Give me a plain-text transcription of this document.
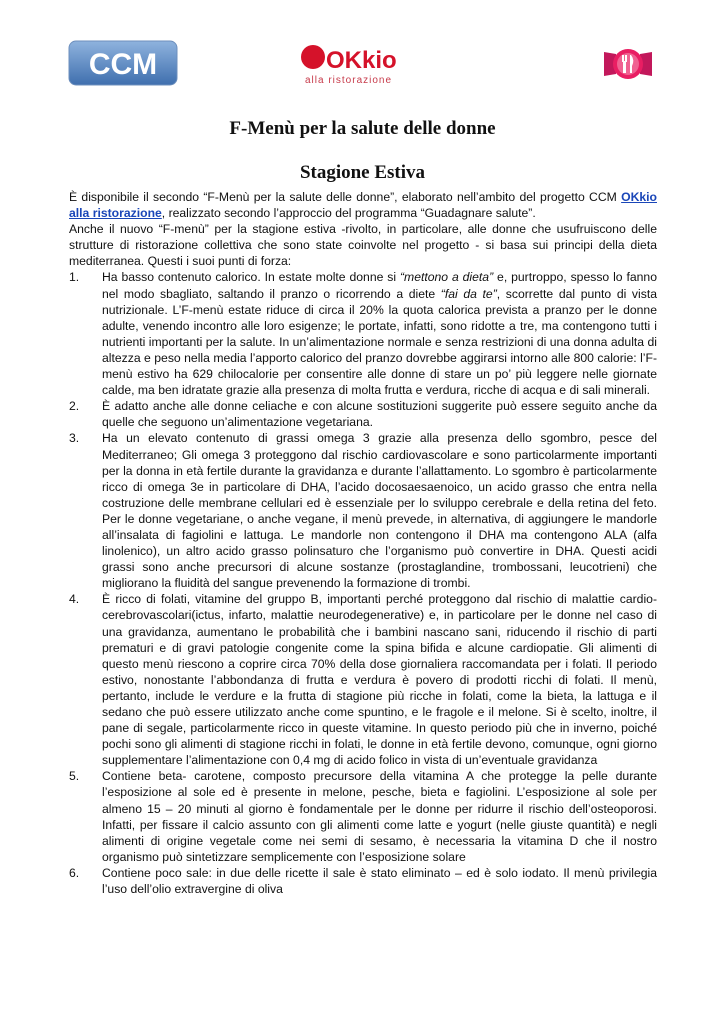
CCM	OKkio
alla ristorazione
F-Menù per la salute delle donne
Stagione Estiva

È disponibile il secondo “F-Menù per la salute delle donne”, elaborato nell’ambito del progetto CCM OKkio alla ristorazione, realizzato secondo l’approccio del programma “Guadagnare salute”.

Anche il nuovo “F-menù” per la stagione estiva -rivolto, in particolare, alle donne che usufruiscono delle strutture di ristorazione collettiva che sono state coinvolte nel progetto - si basa sui principi della dieta mediterranea. Questi i suoi punti di forza:

1. Ha basso contenuto calorico. In estate molte donne si “mettono a dieta” e, purtroppo, spesso lo fanno nel modo sbagliato, saltando il pranzo o ricorrendo a diete “fai da te”, scorrette dal punto di vista nutrizionale. L’F-menù estate riduce di circa il 20% la quota calorica prevista a pranzo per le donne adulte, venendo incontro alle loro esigenze; le portate, infatti, sono ridotte a tre, ma contengono tutti i nutrienti importanti per la salute. In un’alimentazione normale e senza restrizioni di una donna adulta di altezza e peso nella media l’apporto calorico del pranzo dovrebbe aggirarsi intorno alle 800 calorie: l’F-menù estivo ha 629 chilocalorie per consentire alle donne di stare un po’ più leggere nelle giornate calde, ma ben idratate grazie alla presenza di molta frutta e verdura, ricche di acqua e di sali minerali.
2. È adatto anche alle donne celiache e con alcune sostituzioni suggerite può essere seguito anche da quelle che seguono un’alimentazione vegetariana.
3. Ha un elevato contenuto di grassi omega 3 grazie alla presenza dello sgombro, pesce del Mediterraneo; Gli omega 3 proteggono dal rischio cardiovascolare e sono particolarmente importanti per la donna in età fertile durante la gravidanza e durante l’allattamento. Lo sgombro è particolarmente ricco di omega 3e in particolare di DHA, l’acido docosaesaenoico, un acido grasso che entra nella costruzione delle membrane cellulari ed è essenziale per lo sviluppo cerebrale e della retina del feto. Per le donne vegetariane, o anche vegane, il menù prevede, in alternativa, di aggiungere le mandorle all’insalata di fagiolini e lattuga. Le mandorle non contengono il DHA ma contengono ALA (alfa linolenico), un altro acido grasso polinsaturo che l’organismo può convertire in DHA. Questi acidi grassi sono anche precursori di alcune sostanze (prostaglandine, trombossani, leucotrieni) che migliorano la fluidità del sangue prevenendo la formazione di trombi.
4. È ricco di folati, vitamine del gruppo B, importanti perché proteggono dal rischio di malattie cardio-cerebrovascolari(ictus, infarto, malattie neurodegenerative) e, in particolare per le donne nel caso di una gravidanza, aumentano le probabilità che i bambini nascano sani, riducendo il rischio di parti prematuri e di gravi patologie congenite come la spina bifida e alcune cardiopatie. Gli alimenti di questo menù riescono a coprire circa 70% della dose giornaliera raccomandata per i folati. Il periodo estivo, nonostante l’abbondanza di frutta e verdura è povero di prodotti ricchi di folati. Il menù, pertanto, include le verdure e la frutta di stagione più ricche in folati, come la bieta, la lattuga e il sedano che può essere utilizzato anche come spuntino, e le fragole e il melone. Si è scelto, inoltre, il pane di segale, particolarmente ricco in queste vitamine. In questo periodo più che in inverno, poiché pochi sono gli alimenti di stagione ricchi in folati, le donne in età fertile devono, comunque, ogni giorno supplementare l’alimentazione con 0,4 mg di acido folico in vista di un’eventuale gravidanza
5. Contiene beta- carotene, composto precursore della vitamina A che protegge la pelle durante l’esposizione al sole ed è presente in melone, pesche, bieta e fagiolini. L’esposizione al sole per almeno 15 – 20 minuti al giorno è fondamentale per le donne per ridurre il rischio dell’osteoporosi. Infatti, per fissare il calcio assunto con gli alimenti come latte e yogurt (nelle giuste quantità) e negli alimenti di origine vegetale come nei semi di sesamo, è necessaria la vitamina D che il nostro organismo può sintetizzare semplicemente con l’esposizione solare
6. Contiene poco sale: in due delle ricette il sale è stato eliminato – ed è solo iodato. Il menù privilegia l’uso dell’olio extravergine di oliva
